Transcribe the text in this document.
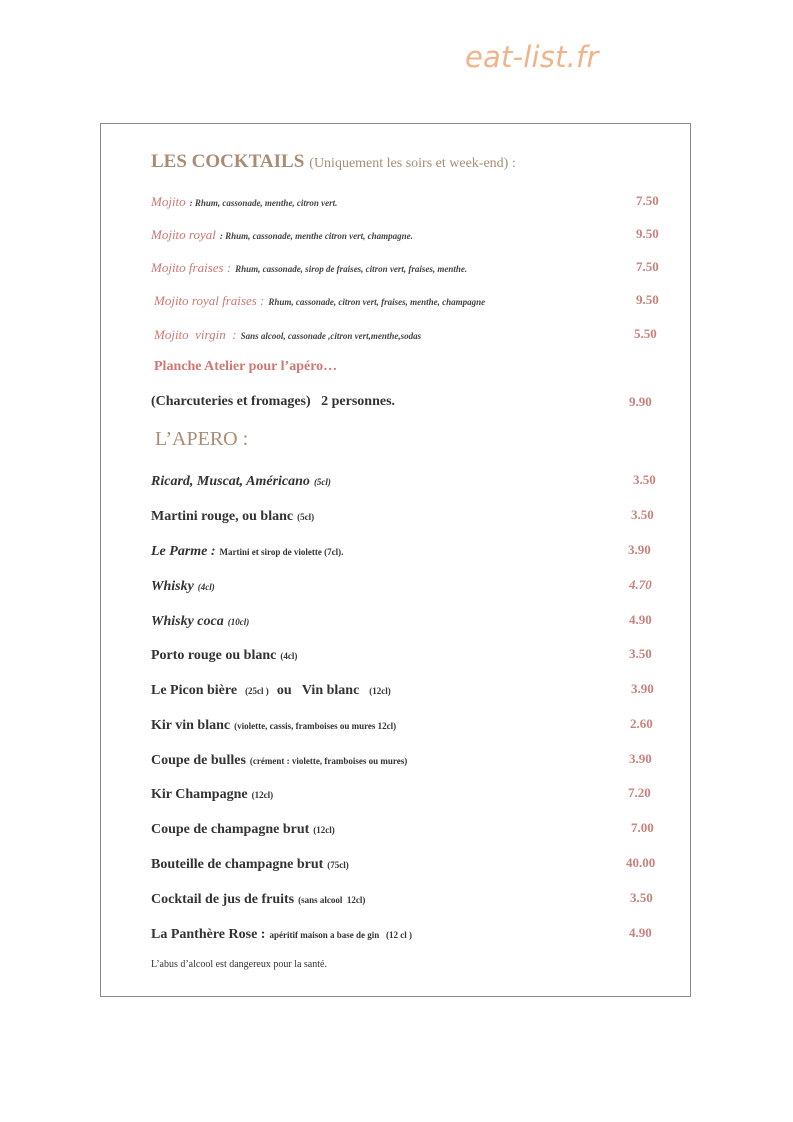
eat-list.fr
LES COCKTAILS (Uniquement les soirs et week-end) :
Mojito : Rhum, cassonade, menthe, citron vert.	7.50
Mojito royal : Rhum, cassonade, menthe citron vert, champagne.	9.50
Mojito fraises : Rhum, cassonade, sirop de fraises, citron vert, fraises, menthe.	7.50
Mojito royal fraises : Rhum, cassonade, citron vert, fraises, menthe, champagne	9.50
Mojito  virgin  : Sans alcool, cassonade ,citron vert,menthe,sodas	5.50
Planche Atelier pour l’apéro…
(Charcuteries et fromages)   2 personnes.	9.90
L’APERO :
Ricard, Muscat, Américano (5cl)	3.50
Martini rouge, ou blanc (5cl)	3.50
Le Parme : Martini et sirop de violette (7cl).	3.90
Whisky (4cl)	4.70
Whisky coca (10cl)	4.90
Porto rouge ou blanc (4cl)	3.50
Le Picon bière (25cl ) ou   Vin blanc (12cl)	3.90
Kir vin blanc (violette, cassis, framboises ou mures 12cl)	2.60
Coupe de bulles (crément : violette, framboises ou mures)	3.90
Kir Champagne (12cl)	7.20
Coupe de champagne brut (12cl)	7.00
Bouteille de champagne brut (75cl)	40.00
Cocktail de jus de fruits (sans alcool  12cl)	3.50
La Panthère Rose : apéritif maison a base de gin   (12 cl )	4.90
L’abus d’alcool est dangereux pour la santé.
